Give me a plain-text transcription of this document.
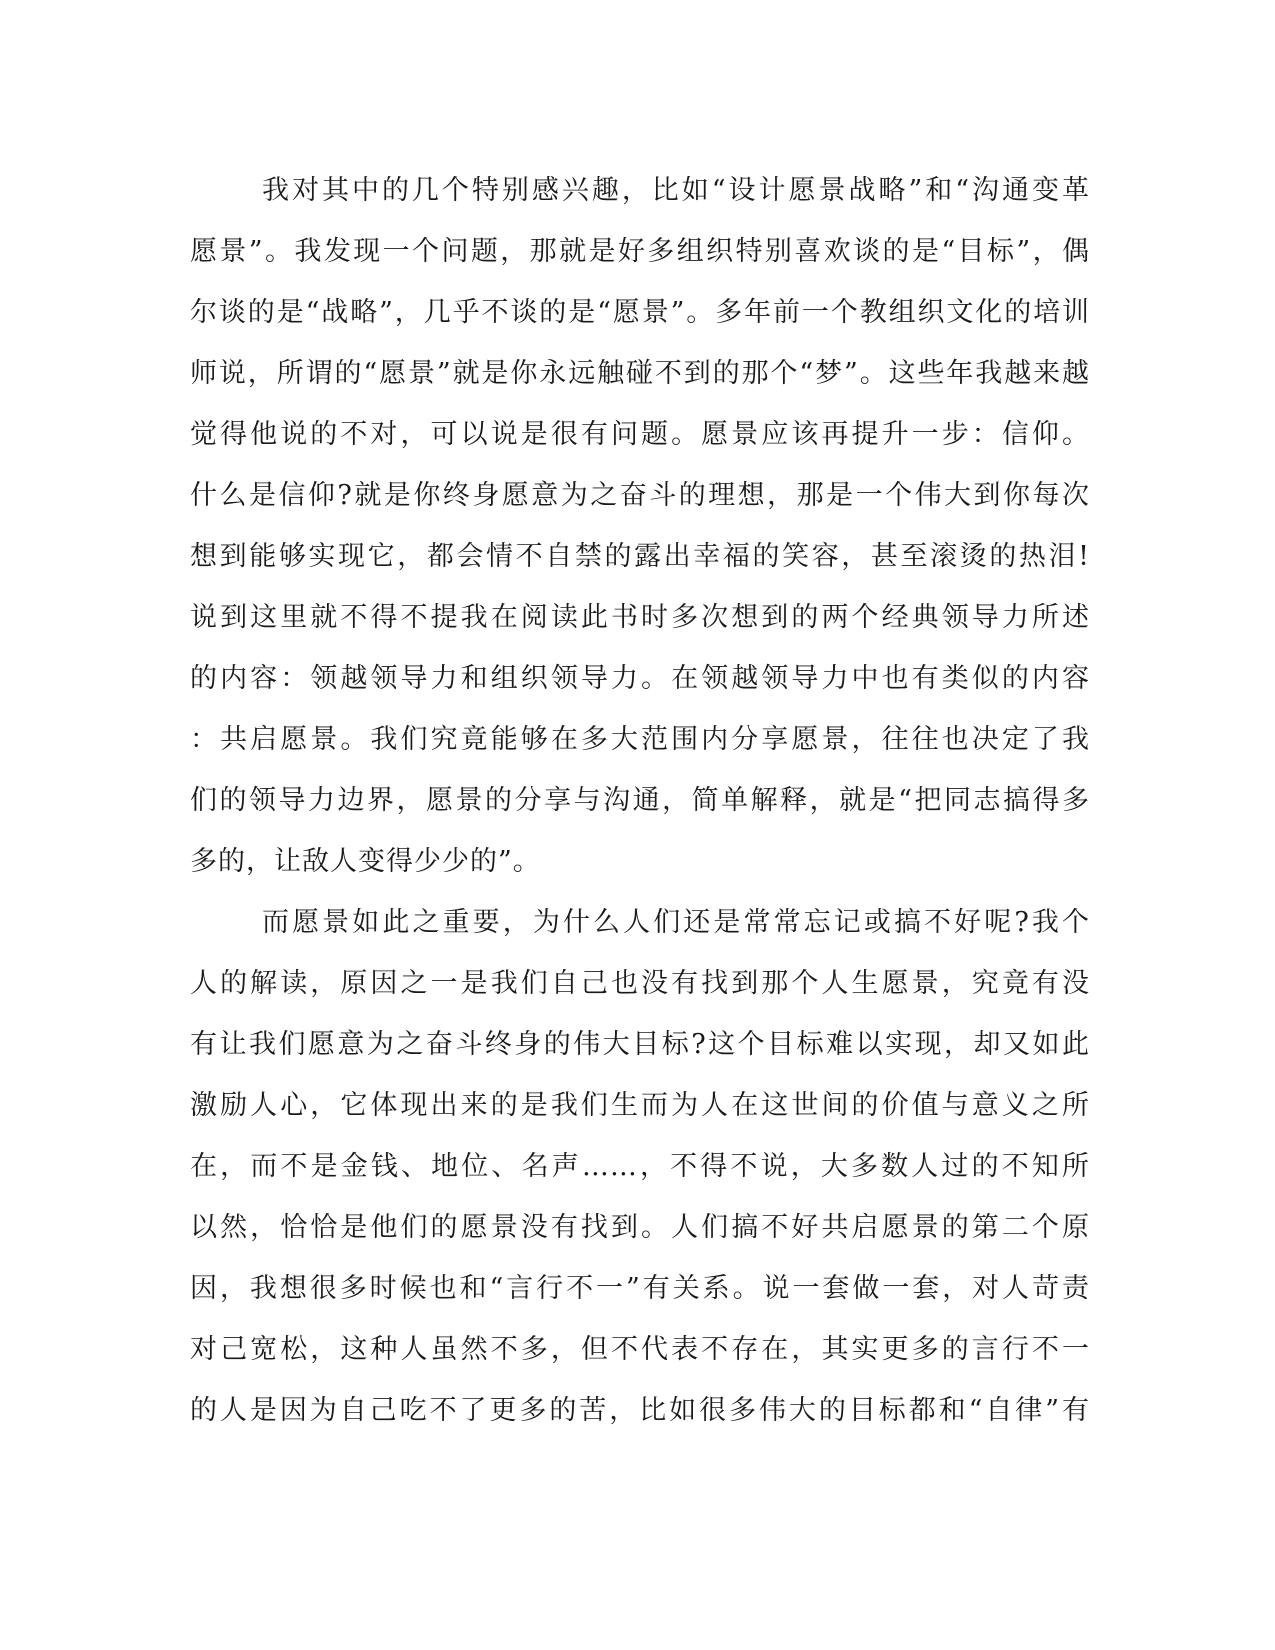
我对其中的几个特别感兴趣，比如“设计愿景战略”和“沟通变革
愿景”。我发现一个问题，那就是好多组织特别喜欢谈的是“目标”，偶
尔谈的是“战略”，几乎不谈的是“愿景”。多年前一个教组织文化的培训
师说，所谓的“愿景”就是你永远触碰不到的那个“梦”。这些年我越来越
觉得他说的不对，可以说是很有问题。愿景应该再提升一步：信仰。
什么是信仰?就是你终身愿意为之奋斗的理想，那是一个伟大到你每次
想到能够实现它，都会情不自禁的露出幸福的笑容，甚至滚烫的热泪!
说到这里就不得不提我在阅读此书时多次想到的两个经典领导力所述
的内容：领越领导力和组织领导力。在领越领导力中也有类似的内容
：共启愿景。我们究竟能够在多大范围内分享愿景，往往也决定了我
们的领导力边界，愿景的分享与沟通，简单解释，就是“把同志搞得多
多的，让敌人变得少少的”。
而愿景如此之重要，为什么人们还是常常忘记或搞不好呢?我个
人的解读，原因之一是我们自己也没有找到那个人生愿景，究竟有没
有让我们愿意为之奋斗终身的伟大目标?这个目标难以实现，却又如此
激励人心，它体现出来的是我们生而为人在这世间的价值与意义之所
在，而不是金钱、地位、名声……，不得不说，大多数人过的不知所
以然，恰恰是他们的愿景没有找到。人们搞不好共启愿景的第二个原
因，我想很多时候也和“言行不一”有关系。说一套做一套，对人苛责
对己宽松，这种人虽然不多，但不代表不存在，其实更多的言行不一
的人是因为自己吃不了更多的苦，比如很多伟大的目标都和“自律”有
